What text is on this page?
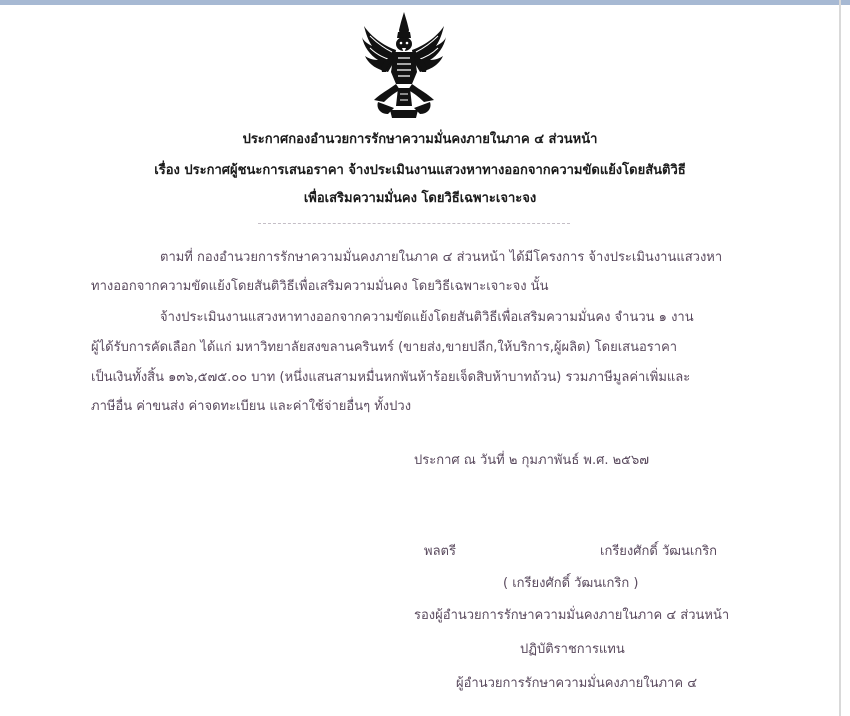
ประกาศกองอำนวยการรักษาความมั่นคงภายในภาค ๔ ส่วนหน้า
เรื่อง ประกาศผู้ชนะการเสนอราคา จ้างประเมินงานแสวงหาทางออกจากความขัดแย้งโดยสันติวิธี
เพื่อเสริมความมั่นคง โดยวิธีเฉพาะเจาะจง
ตามที่ กองอำนวยการรักษาความมั่นคงภายในภาค ๔ ส่วนหน้า ได้มีโครงการ จ้างประเมินงานแสวงหา
ทางออกจากความขัดแย้งโดยสันติวิธีเพื่อเสริมความมั่นคง โดยวิธีเฉพาะเจาะจง นั้น
จ้างประเมินงานแสวงหาทางออกจากความขัดแย้งโดยสันติวิธีเพื่อเสริมความมั่นคง จำนวน ๑ งาน
ผู้ได้รับการคัดเลือก ได้แก่ มหาวิทยาลัยสงขลานครินทร์ (ขายส่ง,ขายปลีก,ให้บริการ,ผู้ผลิต) โดยเสนอราคา
เป็นเงินทั้งสิ้น ๑๓๖,๕๗๕.๐๐ บาท (หนึ่งแสนสามหมื่นหกพันห้าร้อยเจ็ดสิบห้าบาทถ้วน) รวมภาษีมูลค่าเพิ่มและ
ภาษีอื่น ค่าขนส่ง ค่าจดทะเบียน และค่าใช้จ่ายอื่นๆ ทั้งปวง
ประกาศ ณ วันที่ ๒ กุมภาพันธ์ พ.ศ. ๒๕๖๗
พลตรี	เกรียงศักดิ์ วัฒนเกริก
( เกรียงศักดิ์ วัฒนเกริก )
รองผู้อำนวยการรักษาความมั่นคงภายในภาค ๔ ส่วนหน้า
ปฏิบัติราชการแทน
ผู้อำนวยการรักษาความมั่นคงภายในภาค ๔
